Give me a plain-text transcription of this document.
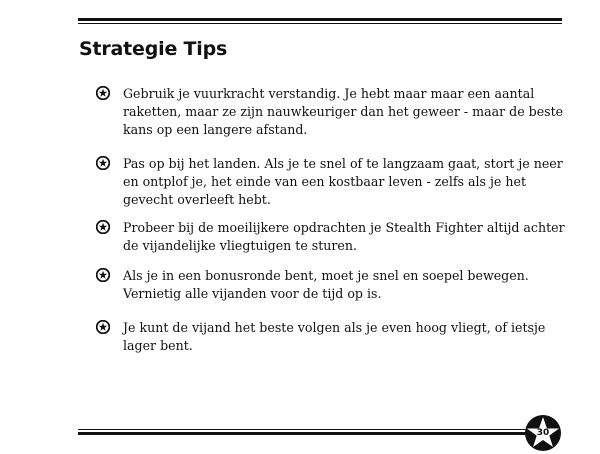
Strategie Tips
Gebruik je vuurkracht verstandig. Je hebt maar maar een aantal raketten, maar ze zijn nauwkeuriger dan het geweer - maar de beste kans op een langere afstand.
Pas op bij het landen. Als je te snel of te langzaam gaat, stort je neer en ontplof je, het einde van een kostbaar leven - zelfs als je het gevecht overleeft hebt.
Probeer bij de moeilijkere opdrachten je Stealth Fighter altijd achter de vijandelijke vliegtuigen te sturen.
Als je in een bonusronde bent, moet je snel en soepel bewegen. Vernietig alle vijanden voor de tijd op is.
Je kunt de vijand het beste volgen als je even hoog vliegt, of ietsje lager bent.
30
